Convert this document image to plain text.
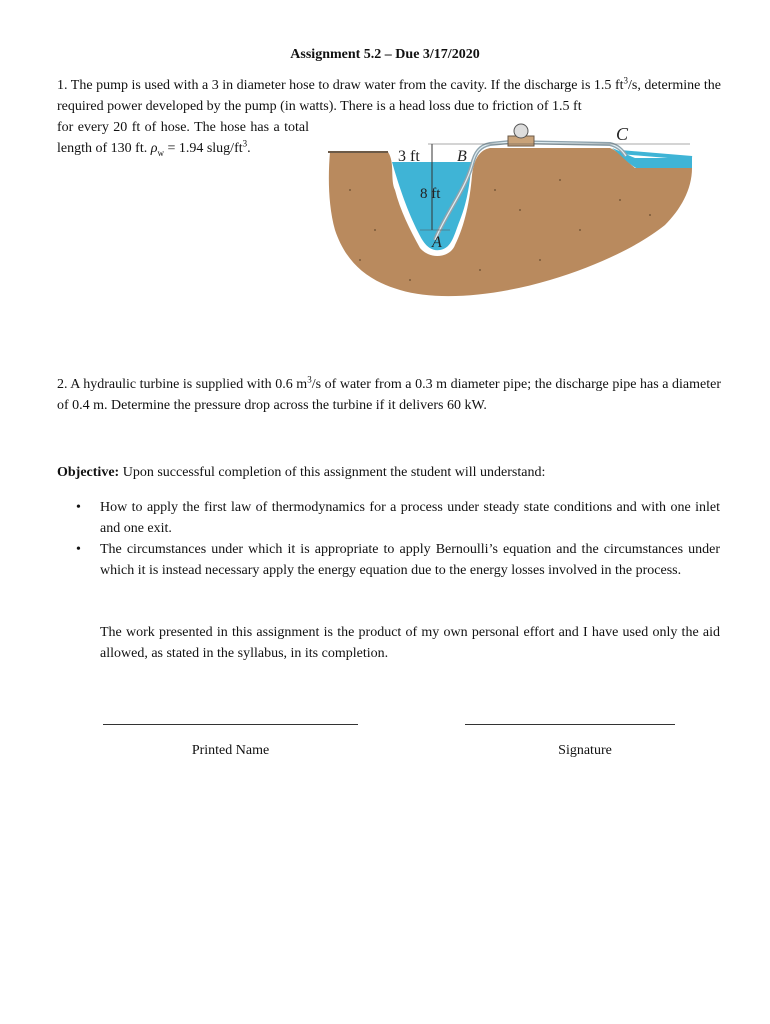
Assignment 5.2 – Due 3/17/2020
1. The pump is used with a 3 in diameter hose to draw water from the cavity. If the discharge is 1.5 $ft^3/s$, determine the required power developed by the pump (in watts). There is a head loss due to friction of 1.5 ft
for every 20 ft of hose. The hose has a total length of 130 ft. $\rho_w = 1.94$ slug/$ft^3$.	3 ft
8 ft
A
B
C
2. A hydraulic turbine is supplied with 0.6 $m^3/s$ of water from a 0.3 m diameter pipe; the discharge pipe has a diameter of 0.4 m. Determine the pressure drop across the turbine if it delivers 60 kW.
Objective: Upon successful completion of this assignment the student will understand:
• How to apply the first law of thermodynamics for a process under steady state conditions and with one inlet and one exit.
• The circumstances under which it is appropriate to apply Bernoulli’s equation and the circumstances under which it is instead necessary apply the energy equation due to the energy losses involved in the process.
The work presented in this assignment is the product of my own personal effort and I have used only the aid allowed, as stated in the syllabus, in its completion.
Printed Name	Signature
